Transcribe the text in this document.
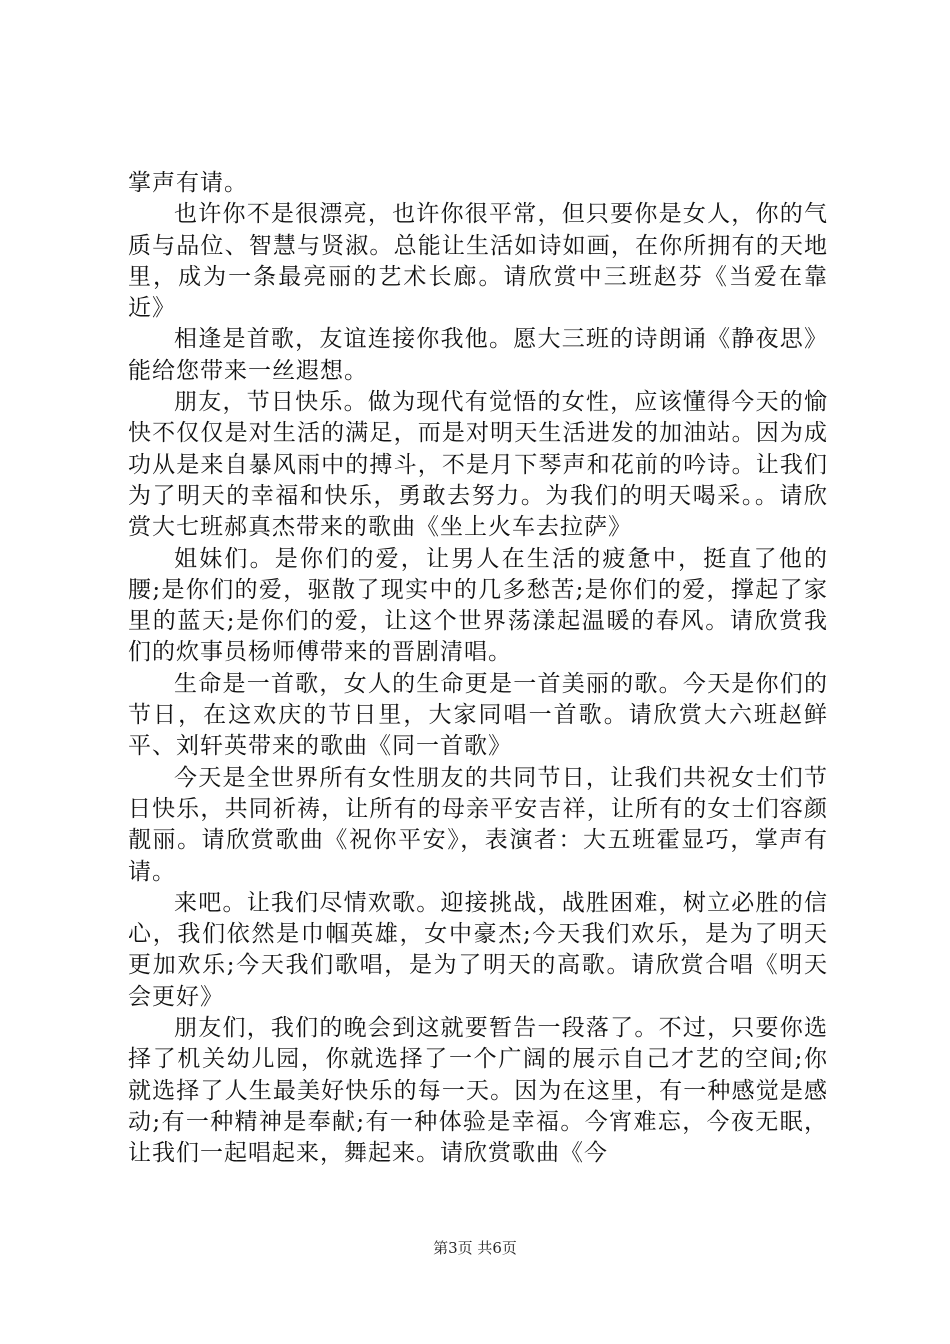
掌声有请。

也许你不是很漂亮，也许你很平常，但只要你是女人，你的气质与品位、智慧与贤淑。总能让生活如诗如画，在你所拥有的天地里，成为一条最亮丽的艺术长廊。请欣赏中三班赵芬《当爱在靠近》

相逢是首歌，友谊连接你我他。愿大三班的诗朗诵《静夜思》能给您带来一丝遐想。

朋友，节日快乐。做为现代有觉悟的女性，应该懂得今天的愉快不仅仅是对生活的满足，而是对明天生活进发的加油站。因为成功从是来自暴风雨中的搏斗，不是月下琴声和花前的吟诗。让我们为了明天的幸福和快乐，勇敢去努力。为我们的明天喝采。。请欣赏大七班郝真杰带来的歌曲《坐上火车去拉萨》

姐妹们。是你们的爱，让男人在生活的疲惫中，挺直了他的腰;是你们的爱，驱散了现实中的几多愁苦;是你们的爱，撑起了家里的蓝天;是你们的爱，让这个世界荡漾起温暖的春风。请欣赏我们的炊事员杨师傅带来的晋剧清唱。

生命是一首歌，女人的生命更是一首美丽的歌。今天是你们的节日，在这欢庆的节日里，大家同唱一首歌。请欣赏大六班赵鲜平、刘轩英带来的歌曲《同一首歌》

今天是全世界所有女性朋友的共同节日，让我们共祝女士们节日快乐，共同祈祷，让所有的母亲平安吉祥，让所有的女士们容颜靓丽。请欣赏歌曲《祝你平安》，表演者：大五班霍显巧，掌声有请。

来吧。让我们尽情欢歌。迎接挑战，战胜困难，树立必胜的信心，我们依然是巾帼英雄，女中豪杰;今天我们欢乐，是为了明天更加欢乐;今天我们歌唱，是为了明天的高歌。请欣赏合唱《明天会更好》

朋友们，我们的晚会到这就要暂告一段落了。不过，只要你选择了机关幼儿园，你就选择了一个广阔的展示自己才艺的空间;你就选择了人生最美好快乐的每一天。因为在这里，有一种感觉是感动;有一种精神是奉献;有一种体验是幸福。今宵难忘，今夜无眠，让我们一起唱起来，舞起来。请欣赏歌曲《今

第3页 共6页
